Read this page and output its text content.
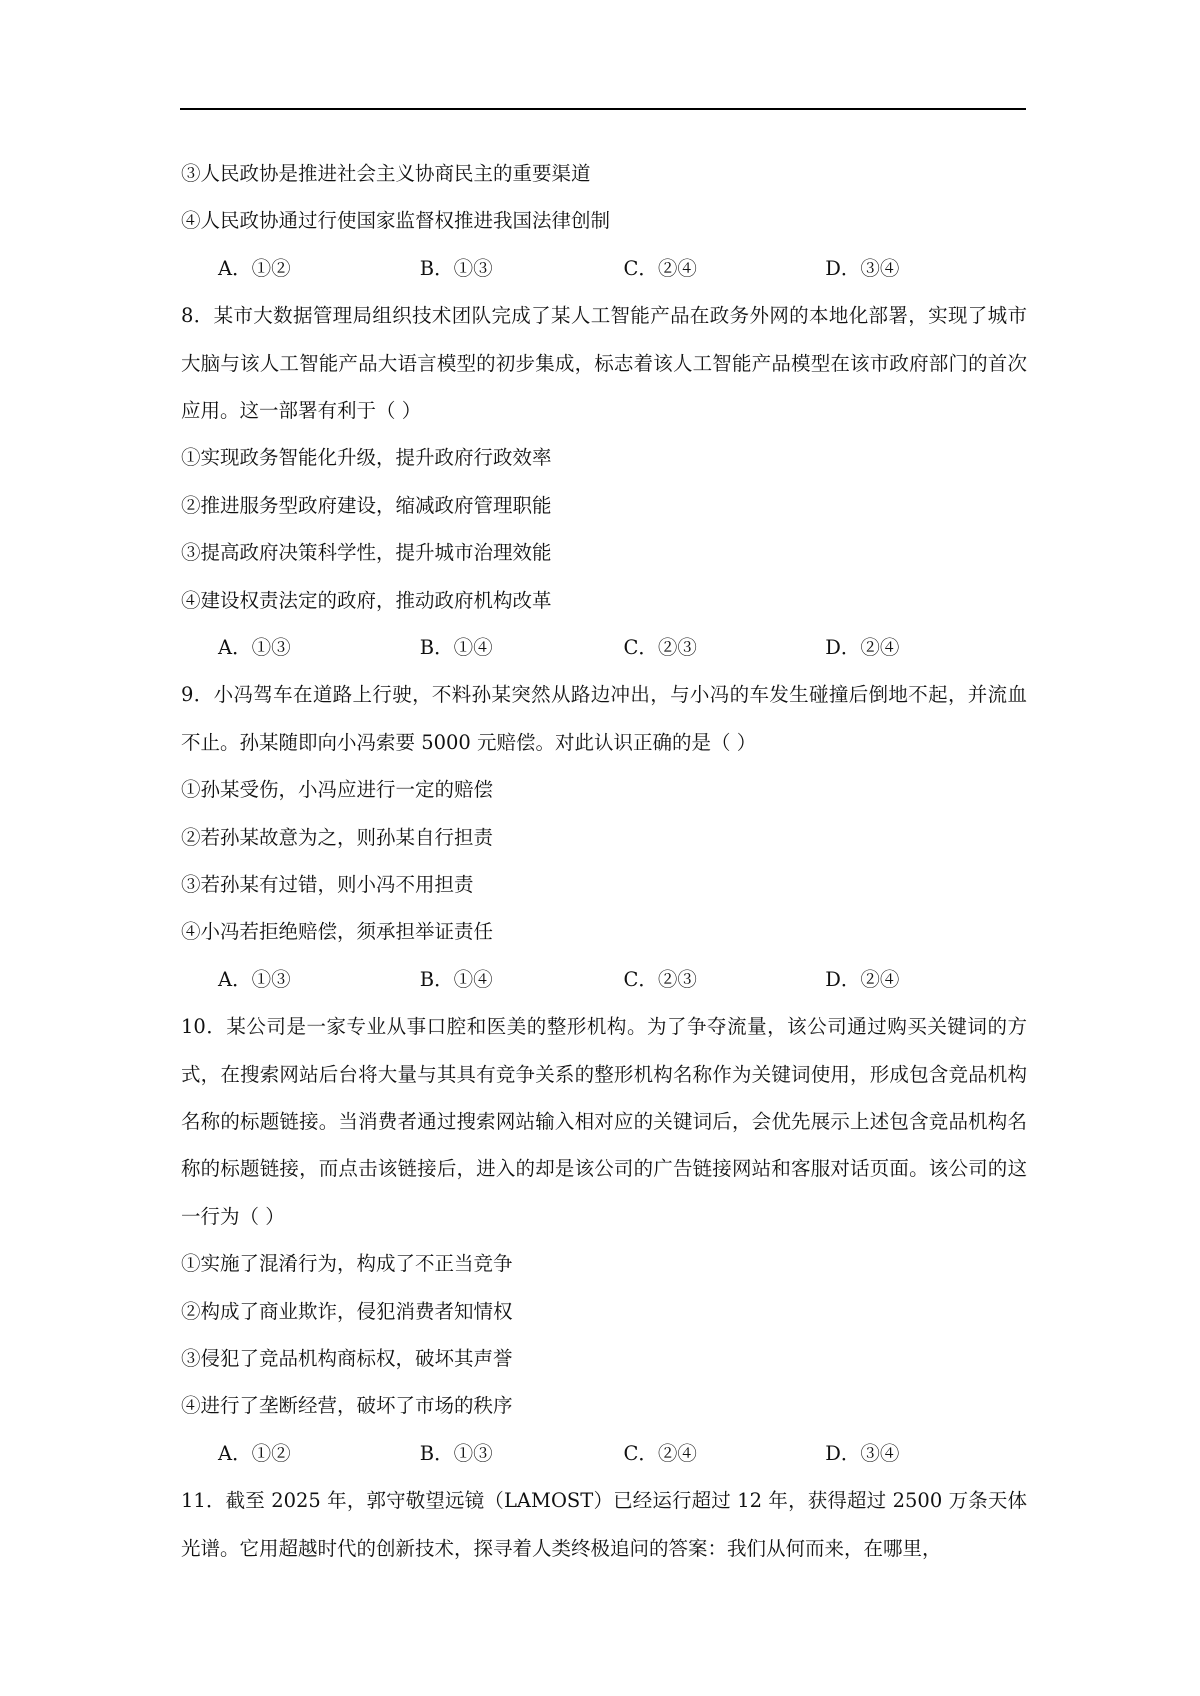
③人民政协是推进社会主义协商民主的重要渠道
④人民政协通过行使国家监督权推进我国法律创制
A．①②	B．①③	C．②④	D．③④
8．某市大数据管理局组织技术团队完成了某人工智能产品在政务外网的本地化部署，实现了城市大脑与该人工智能产品大语言模型的初步集成，标志着该人工智能产品模型在该市政府部门的首次应用。这一部署有利于（ ）
①实现政务智能化升级，提升政府行政效率
②推进服务型政府建设，缩减政府管理职能
③提高政府决策科学性，提升城市治理效能
④建设权责法定的政府，推动政府机构改革
A．①③	B．①④	C．②③	D．②④
9．小冯驾车在道路上行驶，不料孙某突然从路边冲出，与小冯的车发生碰撞后倒地不起，并流血不止。孙某随即向小冯索要 5000 元赔偿。对此认识正确的是（ ）
①孙某受伤，小冯应进行一定的赔偿
②若孙某故意为之，则孙某自行担责
③若孙某有过错，则小冯不用担责
④小冯若拒绝赔偿，须承担举证责任
A．①③	B．①④	C．②③	D．②④
10．某公司是一家专业从事口腔和医美的整形机构。为了争夺流量，该公司通过购买关键词的方式，在搜索网站后台将大量与其具有竞争关系的整形机构名称作为关键词使用，形成包含竞品机构名称的标题链接。当消费者通过搜索网站输入相对应的关键词后，会优先展示上述包含竞品机构名称的标题链接，而点击该链接后，进入的却是该公司的广告链接网站和客服对话页面。该公司的这一行为（ ）
①实施了混淆行为，构成了不正当竞争
②构成了商业欺诈，侵犯消费者知情权
③侵犯了竞品机构商标权，破坏其声誉
④进行了垄断经营，破坏了市场的秩序
A．①②	B．①③	C．②④	D．③④
11．截至 2025 年，郭守敬望远镜（LAMOST）已经运行超过 12 年，获得超过 2500 万条天体光谱。它用超越时代的创新技术，探寻着人类终极追问的答案：我们从何而来，在哪里，
